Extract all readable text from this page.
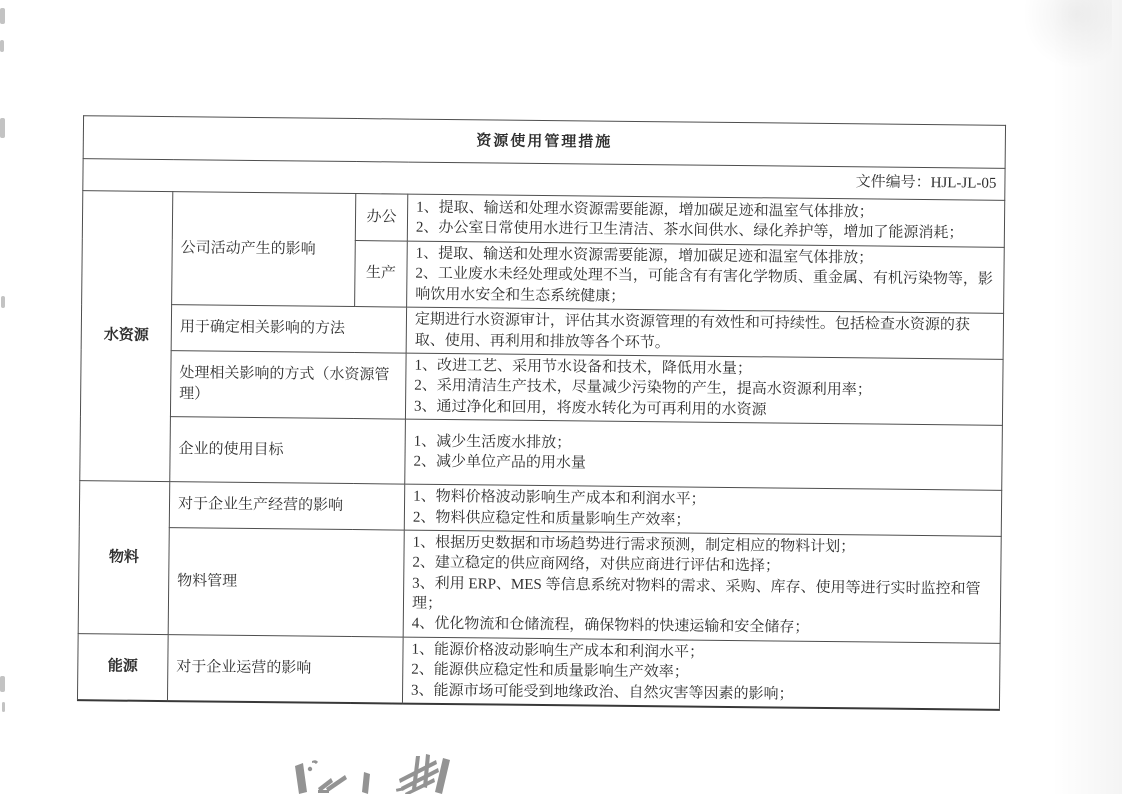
资源使用管理措施			
文件编号：HJL-JL-05			
水资源	公司活动产生的影响	办公	1、提取、输送和处理水资源需要能源，增加碳足迹和温室气体排放；
2、办公室日常使用水进行卫生清洁、茶水间供水、绿化养护等，增加了能源消耗；
		生产	1、提取、输送和处理水资源需要能源，增加碳足迹和温室气体排放；
2、工业废水未经处理或处理不当，可能含有有害化学物质、重金属、有机污染物等，影响饮用水安全和生态系统健康；
	用于确定相关影响的方法		定期进行水资源审计，评估其水资源管理的有效性和可持续性。包括检查水资源的获取、使用、再利用和排放等各个环节。
	处理相关影响的方式（水资源管理）		1、改进工艺、采用节水设备和技术，降低用水量；
2、采用清洁生产技术，尽量减少污染物的产生，提高水资源利用率；
3、通过净化和回用，将废水转化为可再利用的水资源
	企业的使用目标		1、减少生活废水排放；
2、减少单位产品的用水量
物料	对于企业生产经营的影响		1、物料价格波动影响生产成本和利润水平；
2、物料供应稳定性和质量影响生产效率；
	物料管理		1、根据历史数据和市场趋势进行需求预测，制定相应的物料计划；
2、建立稳定的供应商网络，对供应商进行评估和选择；
3、利用 ERP、MES 等信息系统对物料的需求、采购、库存、使用等进行实时监控和管理；
4、优化物流和仓储流程，确保物料的快速运输和安全储存；
能源	对于企业运营的影响		1、能源价格波动影响生产成本和利润水平；
2、能源供应稳定性和质量影响生产效率；
3、能源市场可能受到地缘政治、自然灾害等因素的影响；
